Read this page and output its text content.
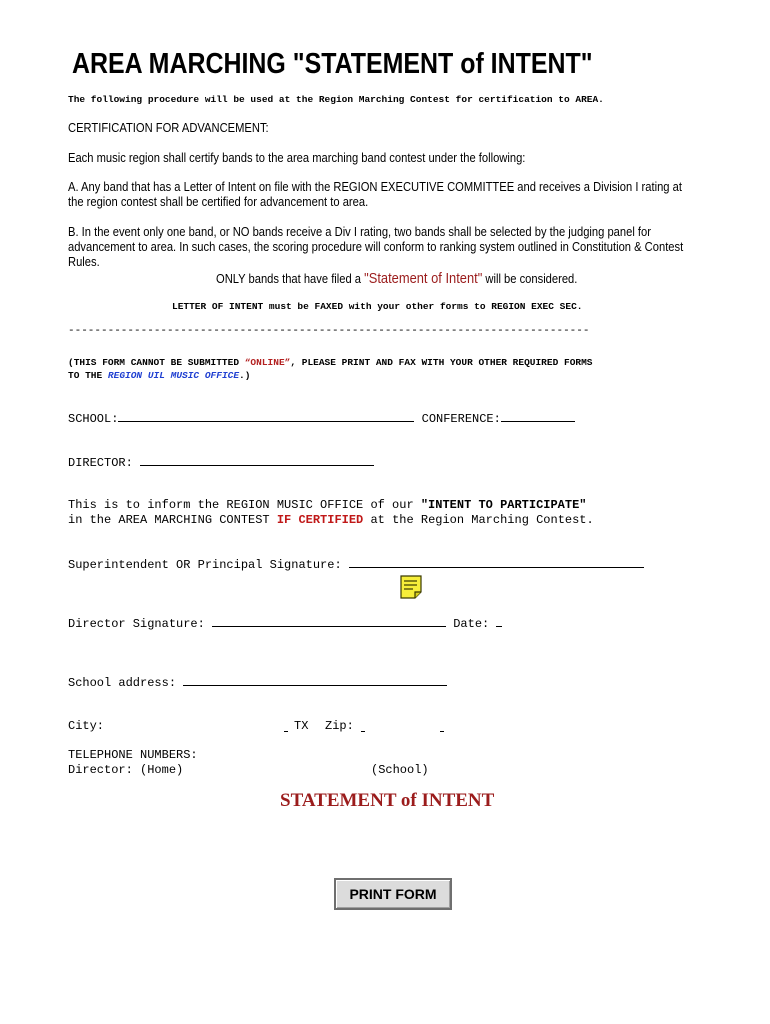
AREA MARCHING "STATEMENT of INTENT"
The following procedure will be used at the Region Marching Contest for certification to AREA.
CERTIFICATION FOR ADVANCEMENT:
Each music region shall certify bands to the area marching band contest under the following:
A. Any band that has a Letter of Intent on file with the REGION EXECUTIVE COMMITTEE and receives a Division I rating at the region contest shall be certified for advancement to area.
B. In the event only one band, or NO bands receive a Div I rating, two bands shall be selected by the judging panel for advancement to area. In such cases, the scoring procedure will conform to ranking system outlined in Constitution & Contest Rules.
ONLY bands that have filed a "Statement of Intent" will be considered.
LETTER OF INTENT must be FAXED with your other forms to REGION EXEC SEC.
-------------------------------------------------------------------------------
(THIS FORM CANNOT BE SUBMITTED “ONLINE”, PLEASE PRINT AND FAX WITH YOUR OTHER REQUIRED FORMS
TO THE REGION UIL MUSIC OFFICE.)
SCHOOL:	CONFERENCE:
DIRECTOR:
This is to inform the REGION MUSIC OFFICE of our "INTENT TO PARTICIPATE"
in the AREA MARCHING CONTEST IF CERTIFIED at the Region Marching Contest.
Superintendent OR Principal Signature:
Director Signature:	Date:
School address:
City:	TX Zip:
TELEPHONE NUMBERS:
Director: (Home)	(School)
STATEMENT of INTENT
PRINT FORM
